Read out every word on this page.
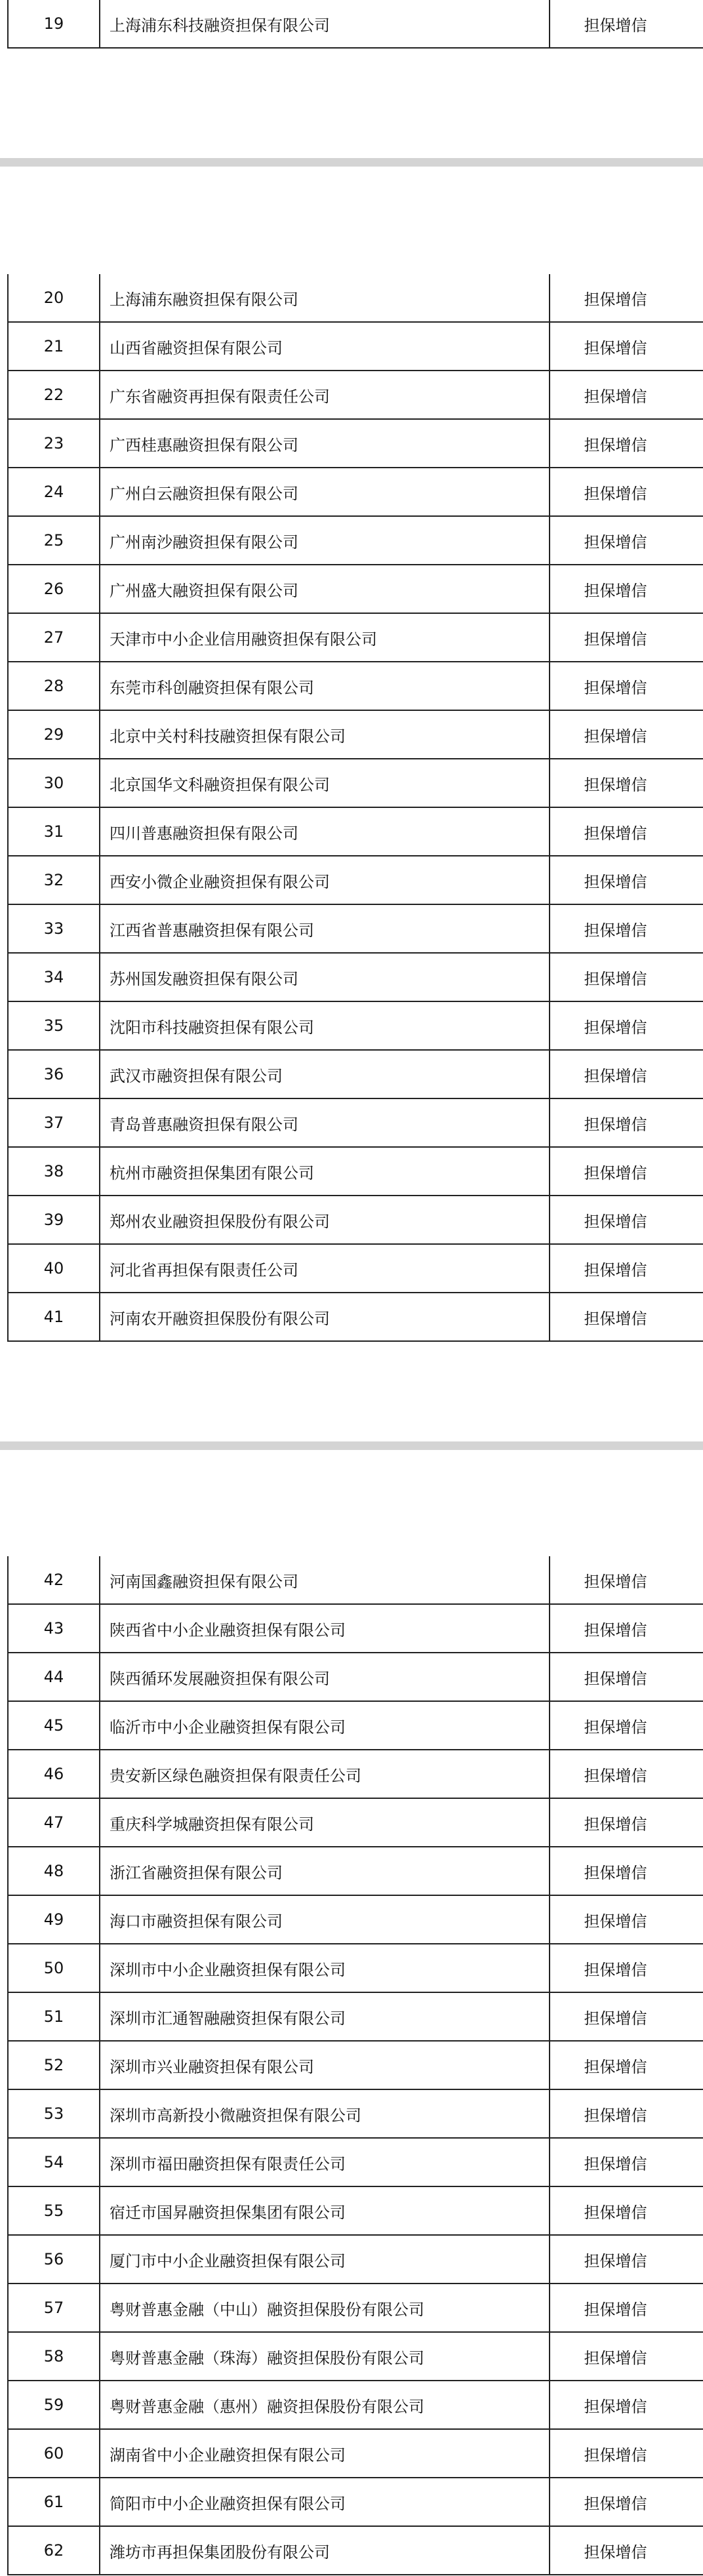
19	上海浦东科技融资担保有限公司	担保增信
20	上海浦东融资担保有限公司	担保增信
21	山西省融资担保有限公司	担保增信
22	广东省融资再担保有限责任公司	担保增信
23	广西桂惠融资担保有限公司	担保增信
24	广州白云融资担保有限公司	担保增信
25	广州南沙融资担保有限公司	担保增信
26	广州盛大融资担保有限公司	担保增信
27	天津市中小企业信用融资担保有限公司	担保增信
28	东莞市科创融资担保有限公司	担保增信
29	北京中关村科技融资担保有限公司	担保增信
30	北京国华文科融资担保有限公司	担保增信
31	四川普惠融资担保有限公司	担保增信
32	西安小微企业融资担保有限公司	担保增信
33	江西省普惠融资担保有限公司	担保增信
34	苏州国发融资担保有限公司	担保增信
35	沈阳市科技融资担保有限公司	担保增信
36	武汉市融资担保有限公司	担保增信
37	青岛普惠融资担保有限公司	担保增信
38	杭州市融资担保集团有限公司	担保增信
39	郑州农业融资担保股份有限公司	担保增信
40	河北省再担保有限责任公司	担保增信
41	河南农开融资担保股份有限公司	担保增信
42	河南国鑫融资担保有限公司	担保增信
43	陕西省中小企业融资担保有限公司	担保增信
44	陕西循环发展融资担保有限公司	担保增信
45	临沂市中小企业融资担保有限公司	担保增信
46	贵安新区绿色融资担保有限责任公司	担保增信
47	重庆科学城融资担保有限公司	担保增信
48	浙江省融资担保有限公司	担保增信
49	海口市融资担保有限公司	担保增信
50	深圳市中小企业融资担保有限公司	担保增信
51	深圳市汇通智融融资担保有限公司	担保增信
52	深圳市兴业融资担保有限公司	担保增信
53	深圳市高新投小微融资担保有限公司	担保增信
54	深圳市福田融资担保有限责任公司	担保增信
55	宿迁市国昇融资担保集团有限公司	担保增信
56	厦门市中小企业融资担保有限公司	担保增信
57	粤财普惠金融（中山）融资担保股份有限公司	担保增信
58	粤财普惠金融（珠海）融资担保股份有限公司	担保增信
59	粤财普惠金融（惠州）融资担保股份有限公司	担保增信
60	湖南省中小企业融资担保有限公司	担保增信
61	简阳市中小企业融资担保有限公司	担保增信
62	潍坊市再担保集团股份有限公司	担保增信
